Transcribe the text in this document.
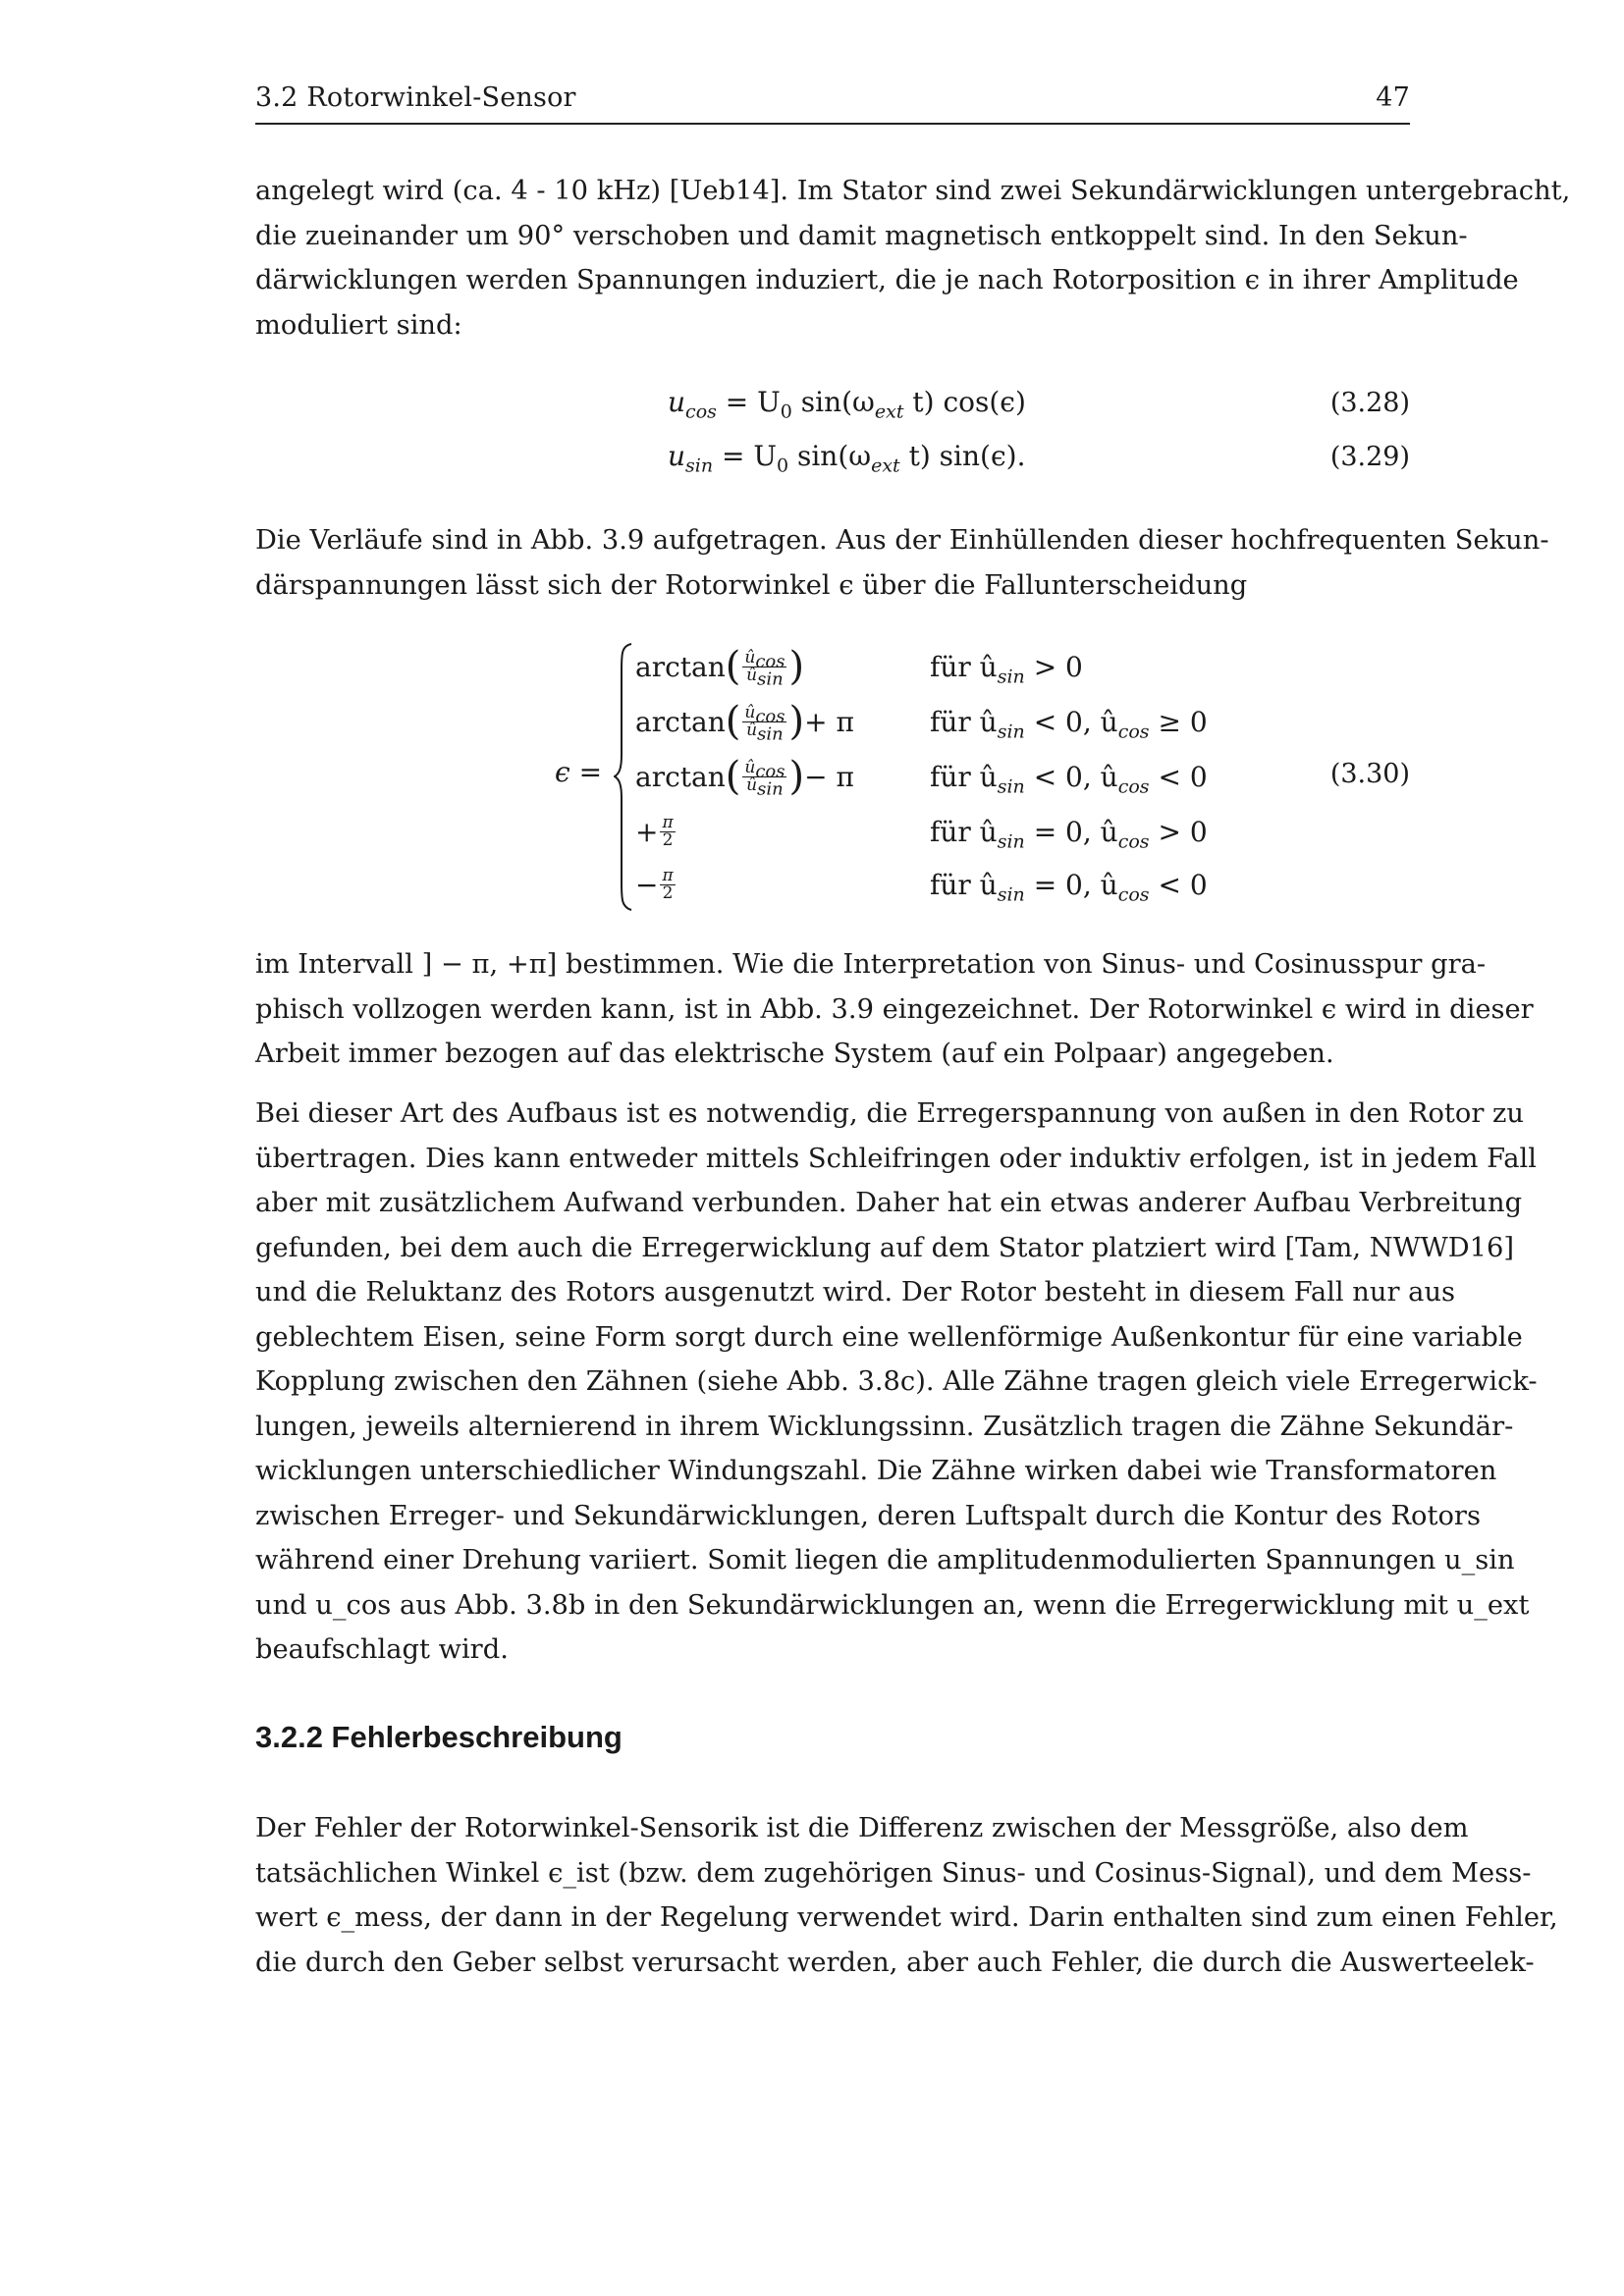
3.2 Rotorwinkel-Sensor	47
angelegt wird (ca. 4 - 10 kHz) [Ueb14]. Im Stator sind zwei Sekundärwicklungen untergebracht,
die zueinander um 90° verschoben und damit magnetisch entkoppelt sind. In den Sekun-
därwicklungen werden Spannungen induziert, die je nach Rotorposition ϵ in ihrer Amplitude
moduliert sind:
$u_{cos} = U_0$ $\sin(\omega_{ext}$ t) cos(ϵ)	(3.28)
$u_{sin} = U_0$ $\sin(\omega_{ext}$ t) sin(ϵ).	(3.29)
Die Verläufe sind in Abb. 3.9 aufgetragen. Aus der Einhüllenden dieser hochfrequenten Sekun-
därspannungen lässt sich der Rotorwinkel ϵ über die Fallunterscheidung
ϵ =
arctan ( $\frac{û_{cos}}{û_{sin}}$ )	für $û_{sin} > 0$
arctan ( $\frac{û_{cos}}{û_{sin}}$ ) + π	für $û_{sin} < 0$, $û_{cos} \ge 0$
arctan ( $\frac{û_{cos}}{û_{sin}}$ ) − π	für $û_{sin} < 0$, $û_{cos} < 0$
+ $\frac{\pi}{2}$	für $û_{sin} = 0$, $û_{cos} > 0$
− $\frac{\pi}{2}$	für $û_{sin} = 0$, $û_{cos} < 0$
(3.30)
im Intervall ] − π, +π] bestimmen. Wie die Interpretation von Sinus- und Cosinusspur gra-
phisch vollzogen werden kann, ist in Abb. 3.9 eingezeichnet. Der Rotorwinkel ϵ wird in dieser
Arbeit immer bezogen auf das elektrische System (auf ein Polpaar) angegeben.
Bei dieser Art des Aufbaus ist es notwendig, die Erregerspannung von außen in den Rotor zu
übertragen. Dies kann entweder mittels Schleifringen oder induktiv erfolgen, ist in jedem Fall
aber mit zusätzlichem Aufwand verbunden. Daher hat ein etwas anderer Aufbau Verbreitung
gefunden, bei dem auch die Erregerwicklung auf dem Stator platziert wird [Tam, NWWD16]
und die Reluktanz des Rotors ausgenutzt wird. Der Rotor besteht in diesem Fall nur aus
geblechtem Eisen, seine Form sorgt durch eine wellenförmige Außenkontur für eine variable
Kopplung zwischen den Zähnen (siehe Abb. 3.8c). Alle Zähne tragen gleich viele Erregerwick-
lungen, jeweils alternierend in ihrem Wicklungssinn. Zusätzlich tragen die Zähne Sekundär-
wicklungen unterschiedlicher Windungszahl. Die Zähne wirken dabei wie Transformatoren
zwischen Erreger- und Sekundärwicklungen, deren Luftspalt durch die Kontur des Rotors
während einer Drehung variiert. Somit liegen die amplitudenmodulierten Spannungen u_sin
und u_cos aus Abb. 3.8b in den Sekundärwicklungen an, wenn die Erregerwicklung mit u_ext
beaufschlagt wird.
3.2.2 Fehlerbeschreibung
Der Fehler der Rotorwinkel-Sensorik ist die Differenz zwischen der Messgröße, also dem
tatsächlichen Winkel ϵ_ist (bzw. dem zugehörigen Sinus- und Cosinus-Signal), und dem Mess-
wert ϵ_mess, der dann in der Regelung verwendet wird. Darin enthalten sind zum einen Fehler,
die durch den Geber selbst verursacht werden, aber auch Fehler, die durch die Auswerteelek-
